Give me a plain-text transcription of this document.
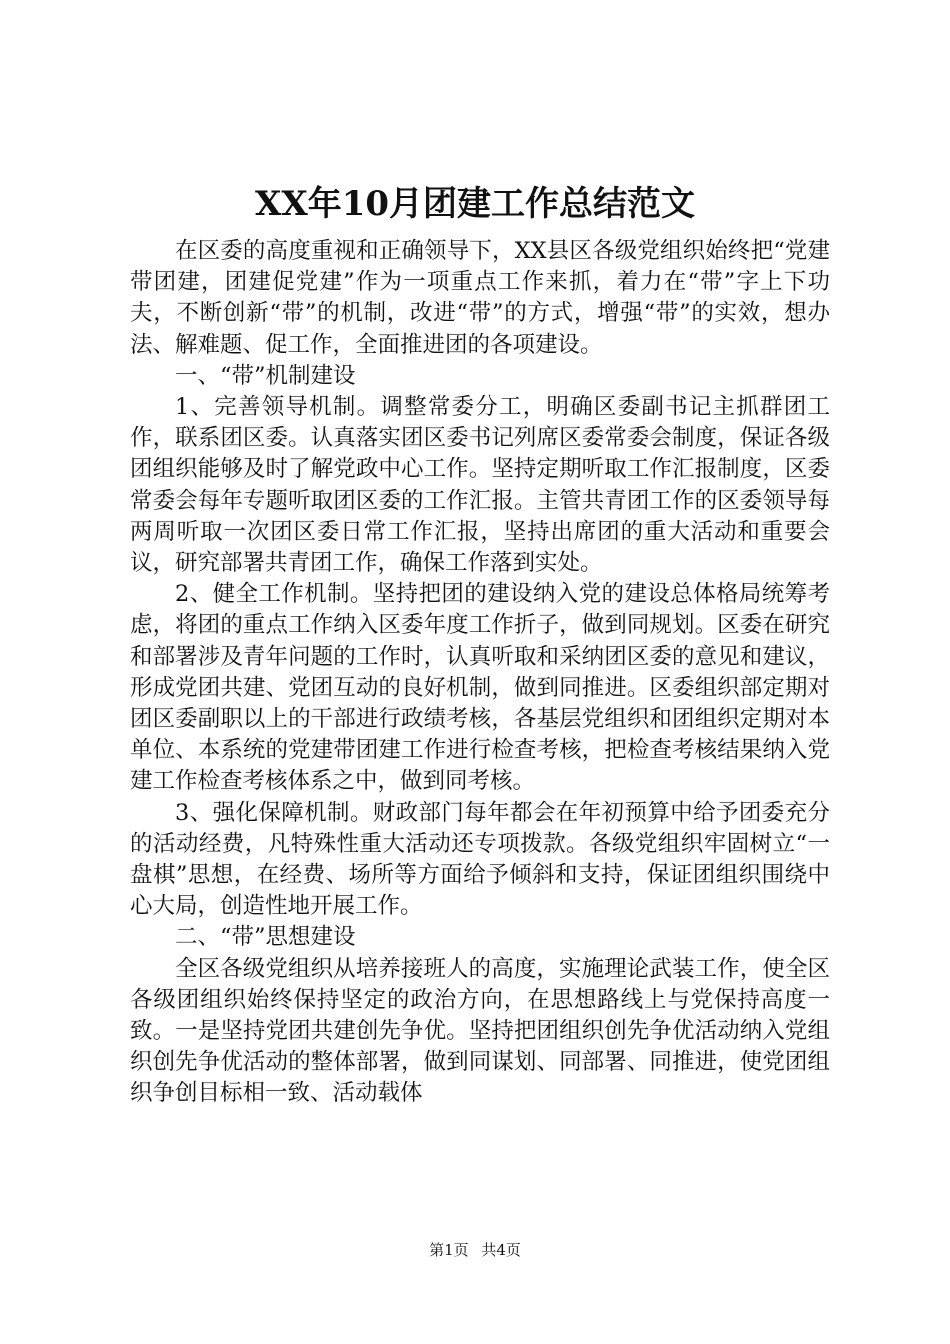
XX年10月团建工作总结范文

在区委的高度重视和正确领导下，XX县区各级党组织始终把“党建带团建，团建促党建”作为一项重点工作来抓，着力在“带”字上下功夫，不断创新“带”的机制，改进“带”的方式，增强“带”的实效，想办法、解难题、促工作，全面推进团的各项建设。

一、“带”机制建设

1、完善领导机制。调整常委分工，明确区委副书记主抓群团工作，联系团区委。认真落实团区委书记列席区委常委会制度，保证各级团组织能够及时了解党政中心工作。坚持定期听取工作汇报制度，区委常委会每年专题听取团区委的工作汇报。主管共青团工作的区委领导每两周听取一次团区委日常工作汇报，坚持出席团的重大活动和重要会议，研究部署共青团工作，确保工作落到实处。

2、健全工作机制。坚持把团的建设纳入党的建设总体格局统筹考虑，将团的重点工作纳入区委年度工作折子，做到同规划。区委在研究和部署涉及青年问题的工作时，认真听取和采纳团区委的意见和建议，形成党团共建、党团互动的良好机制，做到同推进。区委组织部定期对团区委副职以上的干部进行政绩考核，各基层党组织和团组织定期对本单位、本系统的党建带团建工作进行检查考核，把检查考核结果纳入党建工作检查考核体系之中，做到同考核。

3、强化保障机制。财政部门每年都会在年初预算中给予团委充分的活动经费，凡特殊性重大活动还专项拨款。各级党组织牢固树立“一盘棋”思想，在经费、场所等方面给予倾斜和支持，保证团组织围绕中心大局，创造性地开展工作。

二、“带”思想建设

全区各级党组织从培养接班人的高度，实施理论武装工作，使全区各级团组织始终保持坚定的政治方向，在思想路线上与党保持高度一致。一是坚持党团共建创先争优。坚持把团组织创先争优活动纳入党组织创先争优活动的整体部署，做到同谋划、同部署、同推进，使党团组织争创目标相一致、活动载体

第1页 共4页
